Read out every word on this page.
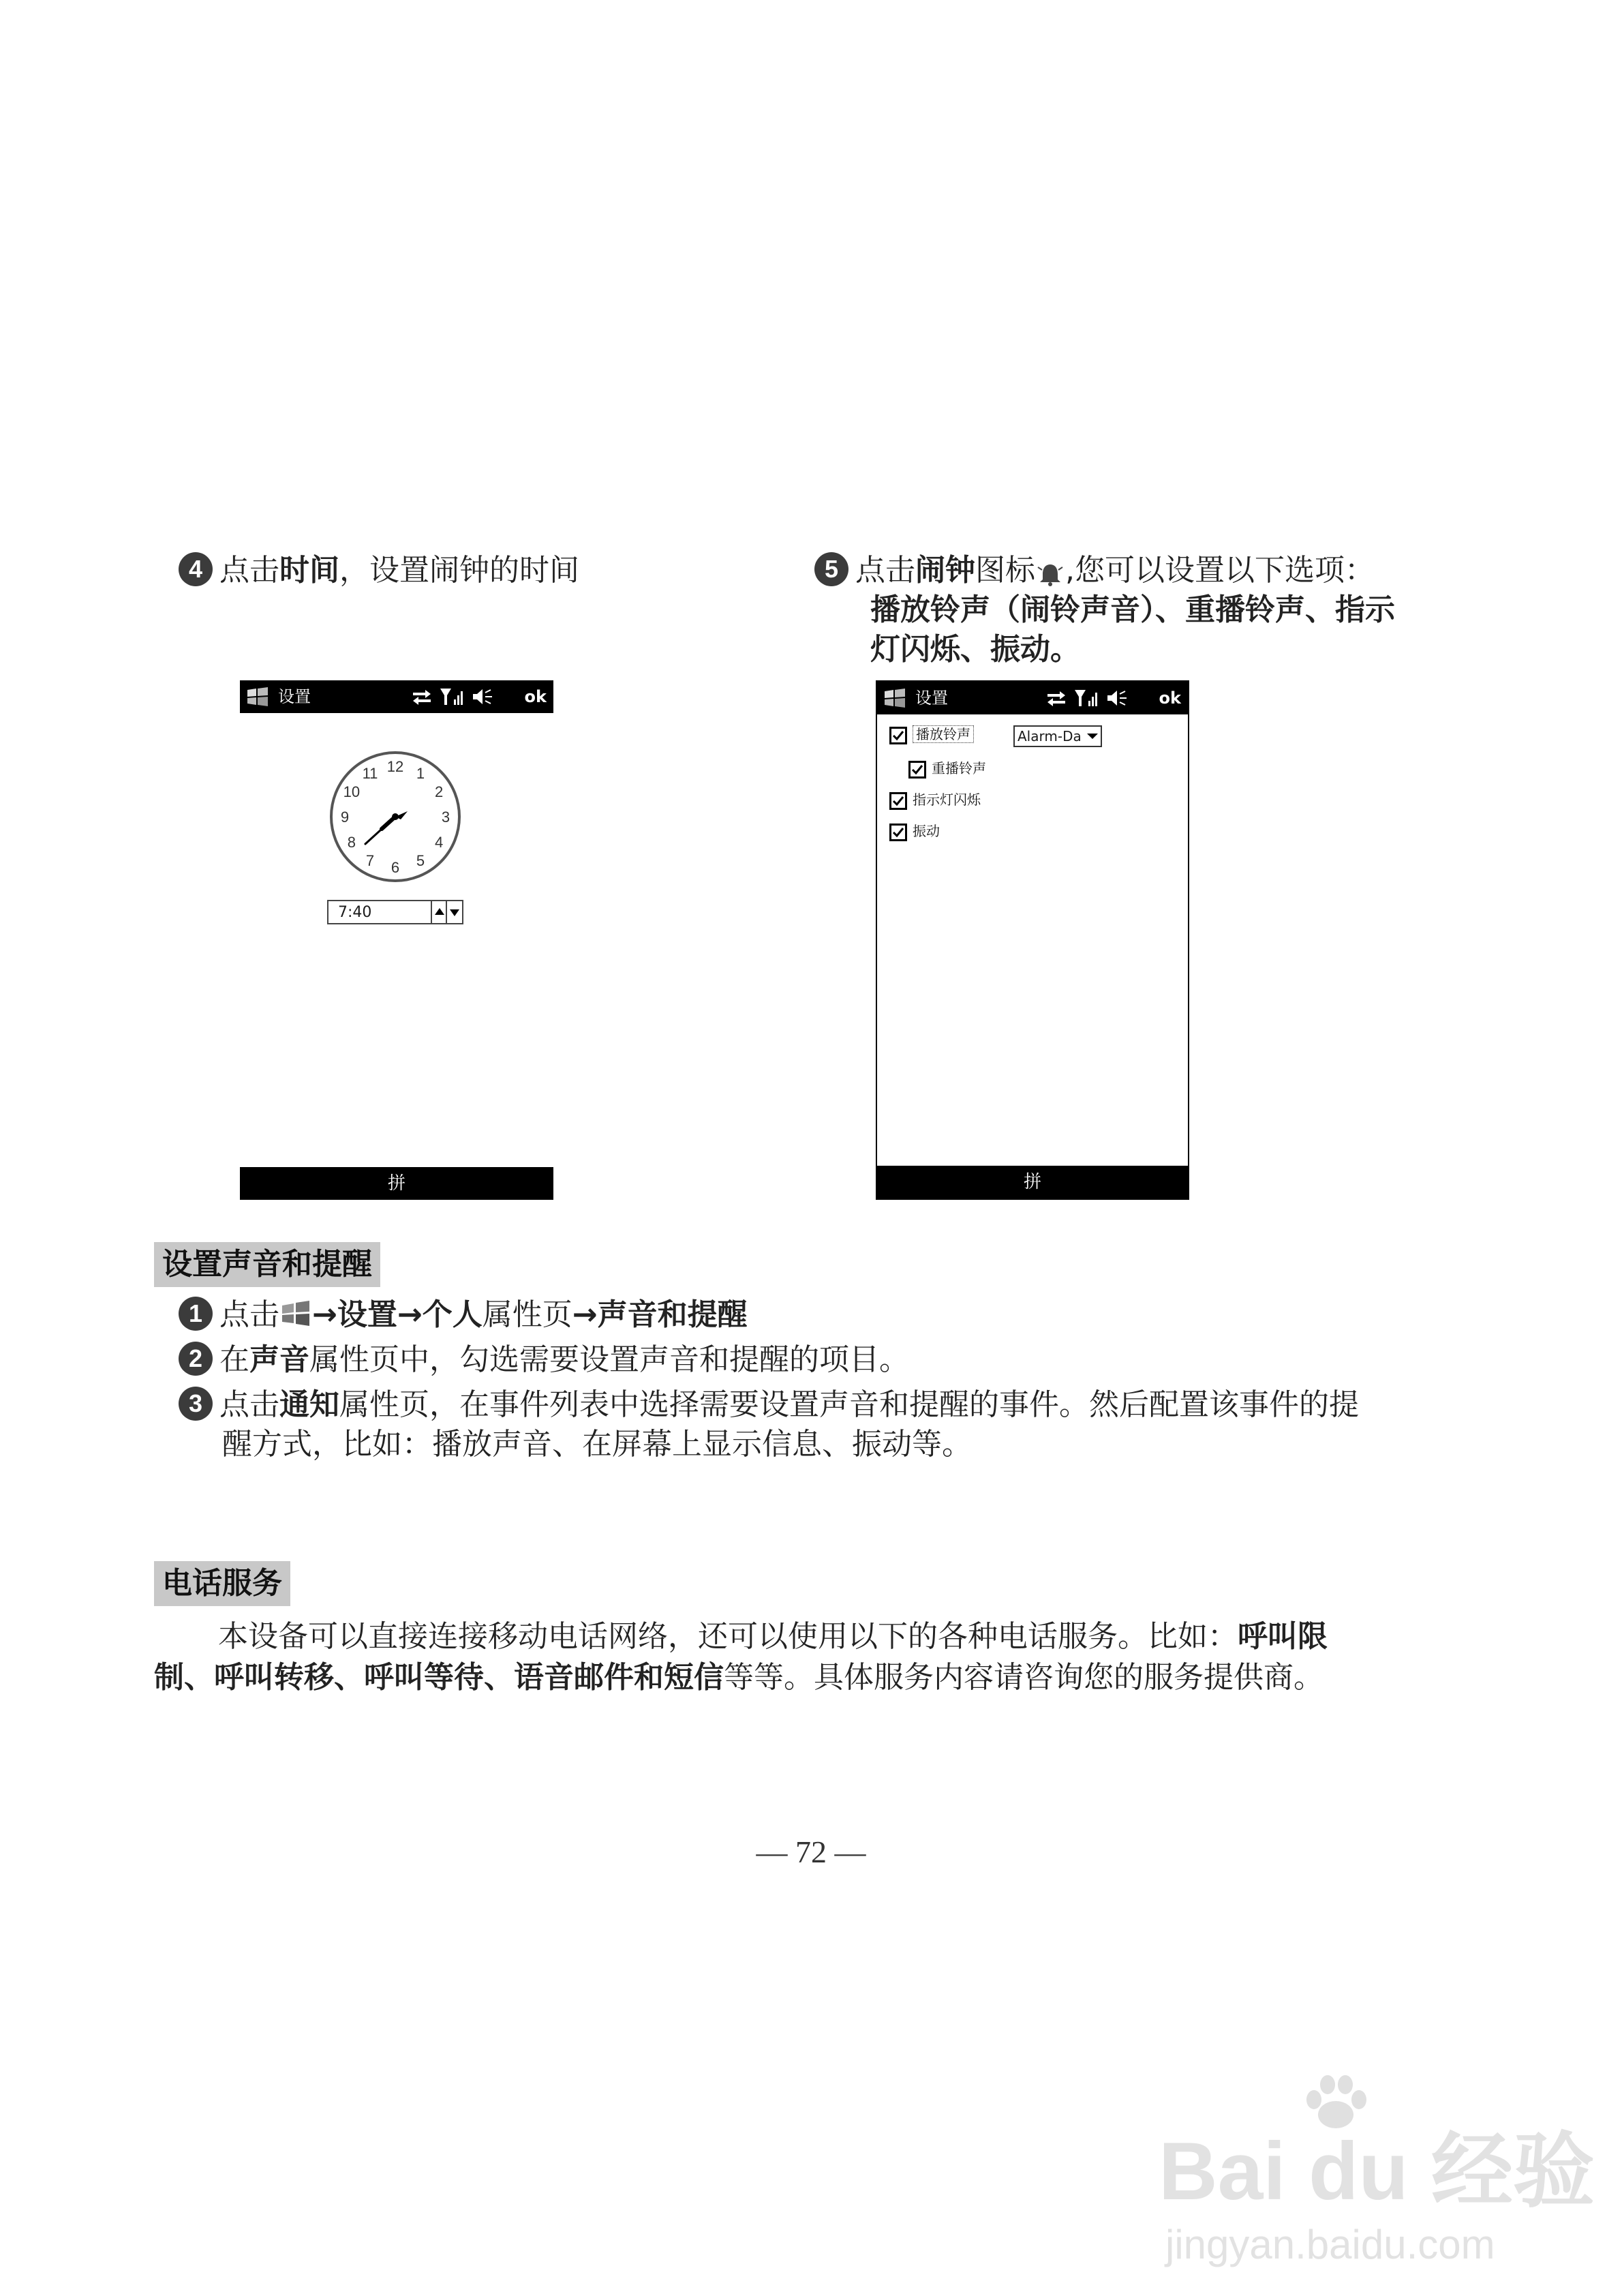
4 点击时间，设置闹钟的时间	5 点击闹钟图标 ,您可以设置以下选项：
播放铃声（闹铃声音）、重播铃声、指示
灯闪烁、振动。
设置	ok
12 1
2
3
4
5
6
7
8
9
10
11
7:40
拼
设置	ok
播放铃声	Alarm-Da
重播铃声
指示灯闪烁
振动
拼
设置声音和提醒
1 点击 →设置→个人属性页→声音和提醒
2 在声音属性页中，勾选需要设置声音和提醒的项目。
3 点击通知属性页，在事件列表中选择需要设置声音和提醒的事件。然后配置该事件的提
醒方式，比如：播放声音、在屏幕上显示信息、振动等。
电话服务
本设备可以直接连接移动电话网络，还可以使用以下的各种电话服务。比如：呼叫限
制、呼叫转移、呼叫等待、语音邮件和短信等等。具体服务内容请咨询您的服务提供商。
— 72 —
Bai du 经验
jingyan.baidu.com
